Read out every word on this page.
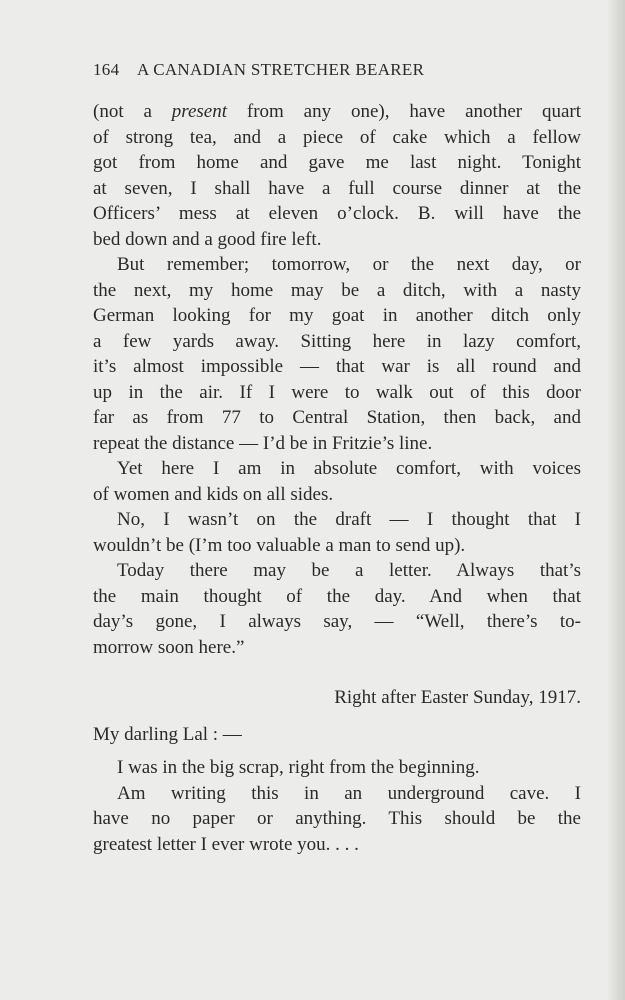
164 A CANADIAN STRETCHER BEARER
(not a present from any one), have another quart
of strong tea, and a piece of cake which a fellow
got from home and gave me last night. Tonight
at seven, I shall have a full course dinner at the
Officers’ mess at eleven o’clock. B. will have the
bed down and a good fire left.
But remember; tomorrow, or the next day, or
the next, my home may be a ditch, with a nasty
German looking for my goat in another ditch only
a few yards away. Sitting here in lazy comfort,
it’s almost impossible — that war is all round and
up in the air. If I were to walk out of this door
far as from 77 to Central Station, then back, and
repeat the distance — I’d be in Fritzie’s line.
Yet here I am in absolute comfort, with voices
of women and kids on all sides.
No, I wasn’t on the draft — I thought that I
wouldn’t be (I’m too valuable a man to send up).
Today there may be a letter. Always that’s
the main thought of the day. And when that
day’s gone, I always say, — “Well, there’s to-
morrow soon here.”
Right after Easter Sunday, 1917.
My darling Lal : —
I was in the big scrap, right from the beginning.
Am writing this in an underground cave. I
have no paper or anything. This should be the
greatest letter I ever wrote you. . . .
